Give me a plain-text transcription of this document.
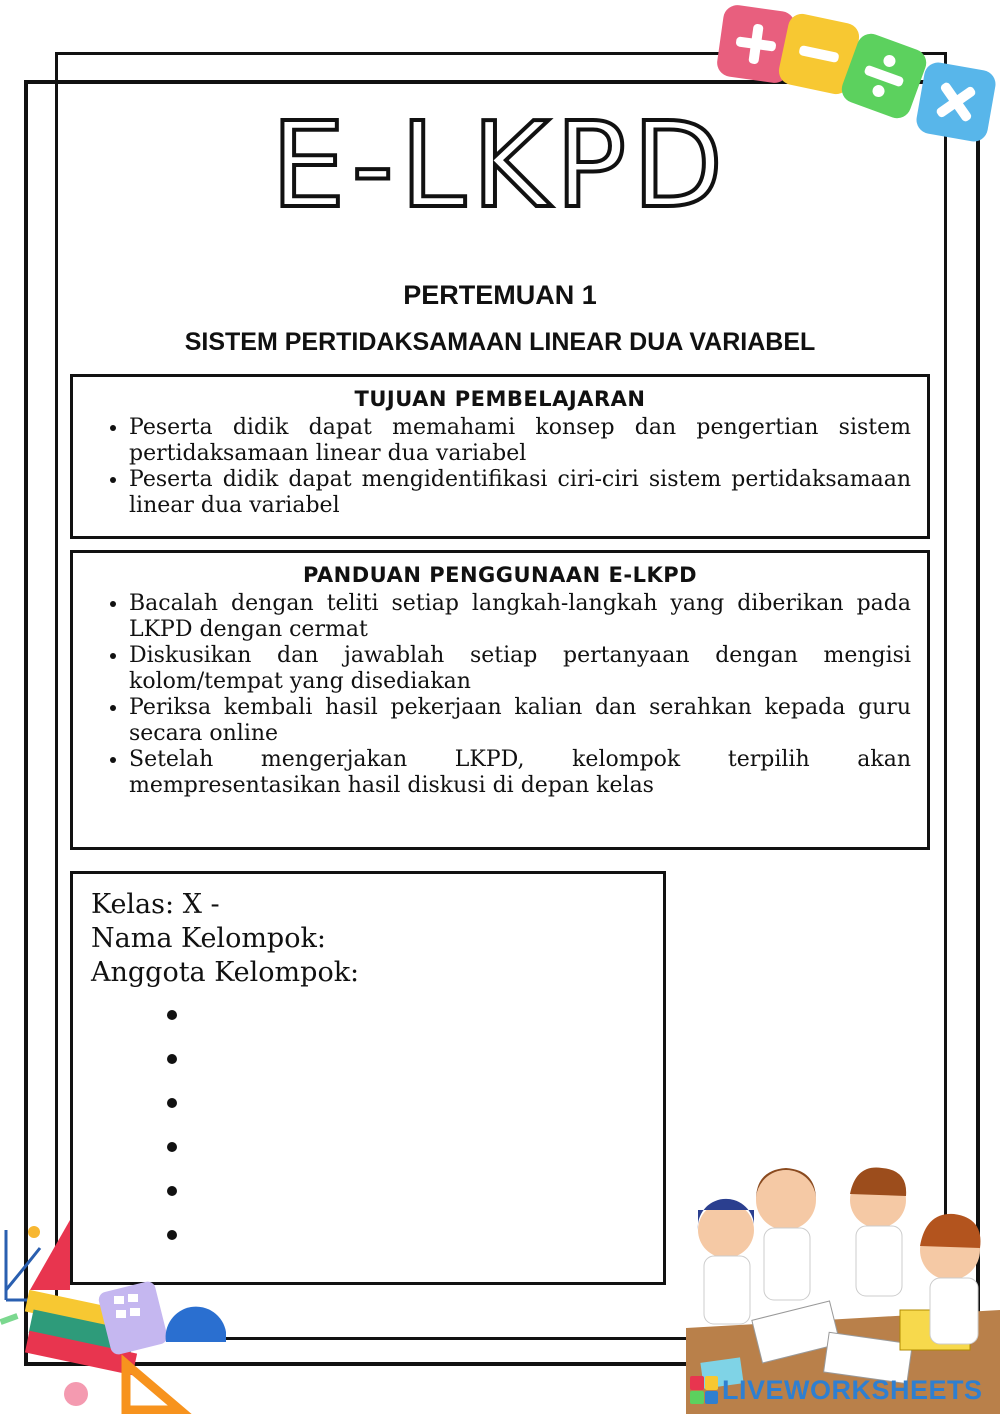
E-LKPD
PERTEMUAN 1
SISTEM PERTIDAKSAMAAN LINEAR DUA VARIABEL
TUJUAN PEMBELAJARAN
• Peserta didik dapat memahami konsep dan pengertian sistem pertidaksamaan linear dua variabel
• Peserta didik dapat mengidentifikasi ciri-ciri sistem pertidaksamaan linear dua variabel
PANDUAN PENGGUNAAN E-LKPD
• Bacalah dengan teliti setiap langkah-langkah yang diberikan pada LKPD dengan cermat
• Diskusikan dan jawablah setiap pertanyaan dengan mengisi kolom/tempat yang disediakan
• Periksa kembali hasil pekerjaan kalian dan serahkan kepada guru secara online
• Setelah mengerjakan LKPD, kelompok terpilih akan mempresentasikan hasil diskusi di depan kelas
Kelas: X -
Nama Kelompok:
Anggota Kelompok:
LIVEWORKSHEETS
